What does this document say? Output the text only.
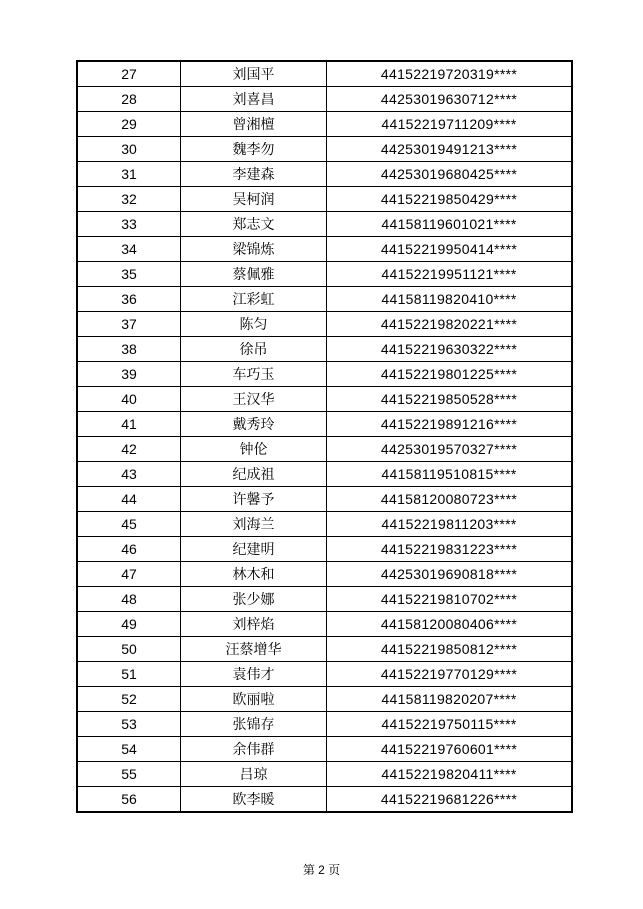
27	刘国平	44152219720319****
28	刘喜昌	44253019630712****
29	曾湘檀	44152219711209****
30	魏李勿	44253019491213****
31	李建森	44253019680425****
32	吴柯润	44152219850429****
33	郑志文	44158119601021****
34	梁锦炼	44152219950414****
35	蔡佩雅	44152219951121****
36	江彩虹	44158119820410****
37	陈匀	44152219820221****
38	徐吊	44152219630322****
39	车巧玉	44152219801225****
40	王汉华	44152219850528****
41	戴秀玲	44152219891216****
42	钟伦	44253019570327****
43	纪成祖	44158119510815****
44	许馨予	44158120080723****
45	刘海兰	44152219811203****
46	纪建明	44152219831223****
47	林木和	44253019690818****
48	张少娜	44152219810702****
49	刘梓焰	44158120080406****
50	汪蔡增华	44152219850812****
51	袁伟才	44152219770129****
52	欧丽啦	44158119820207****
53	张锦存	44152219750115****
54	余伟群	44152219760601****
55	吕琼	44152219820411****
56	欧李暖	44152219681226****
第 2 页
